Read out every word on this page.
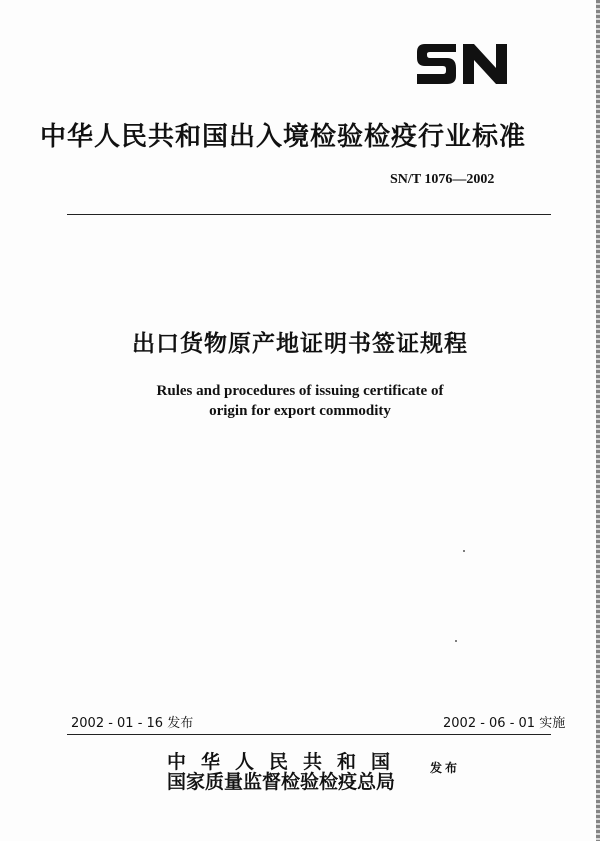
中华人民共和国出入境检验检疫行业标准
SN/T 1076—2002
出口货物原产地证明书签证规程
Rules and procedures of issuing certificate of
origin for export commodity
2002 - 01 - 16 发布	2002 - 06 - 01 实施
中华人民共和国
国家质量监督检验检疫总局
发布
